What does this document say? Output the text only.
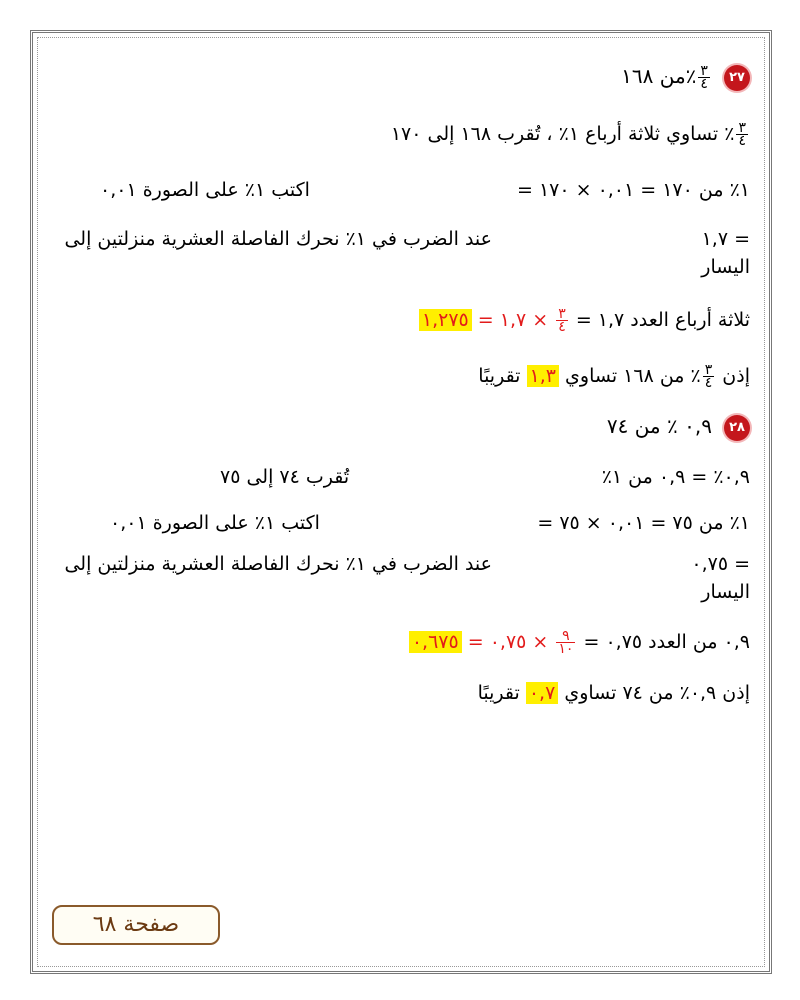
٢٧
$\frac{٣}{٤}$
٪من ١٦٨
$\frac{٣}{٤}$
٪ تساوي ثلاثة أرباع ١٪ ، تُقرب ١٦٨ إلى ١٧٠
١٪ من ١٧٠ = ٠,٠١ × ١٧٠ =
اكتب ١٪ على الصورة ٠,٠١
= ١,٧
عند الضرب في ١٪ نحرك الفاصلة العشرية منزلتين إلى
اليسار
ثلاثة أرباع العدد ١,٧ =
$\frac{٣}{٤}$
× ١,٧ = ١,٢٧٥
إذن
$\frac{٣}{٤}$
٪ من ١٦٨ تساوي ١,٣ تقريبًا
٢٨ ٠,٩ ٪ من ٧٤
٠,٩٪ = ٠,٩ من ١٪
تُقرب ٧٤ إلى ٧٥
١٪ من ٧٥ = ٠,٠١ × ٧٥ =
اكتب ١٪ على الصورة ٠,٠١
= ٠,٧٥
عند الضرب في ١٪ نحرك الفاصلة العشرية منزلتين إلى
اليسار
٠,٩ من العدد ٠,٧٥ =
$\frac{٩}{١٠}$
× ٠,٧٥ = ٠,٦٧٥
إذن ٠,٩٪ من ٧٤ تساوي ٠,٧ تقريبًا
صفحة ٦٨
